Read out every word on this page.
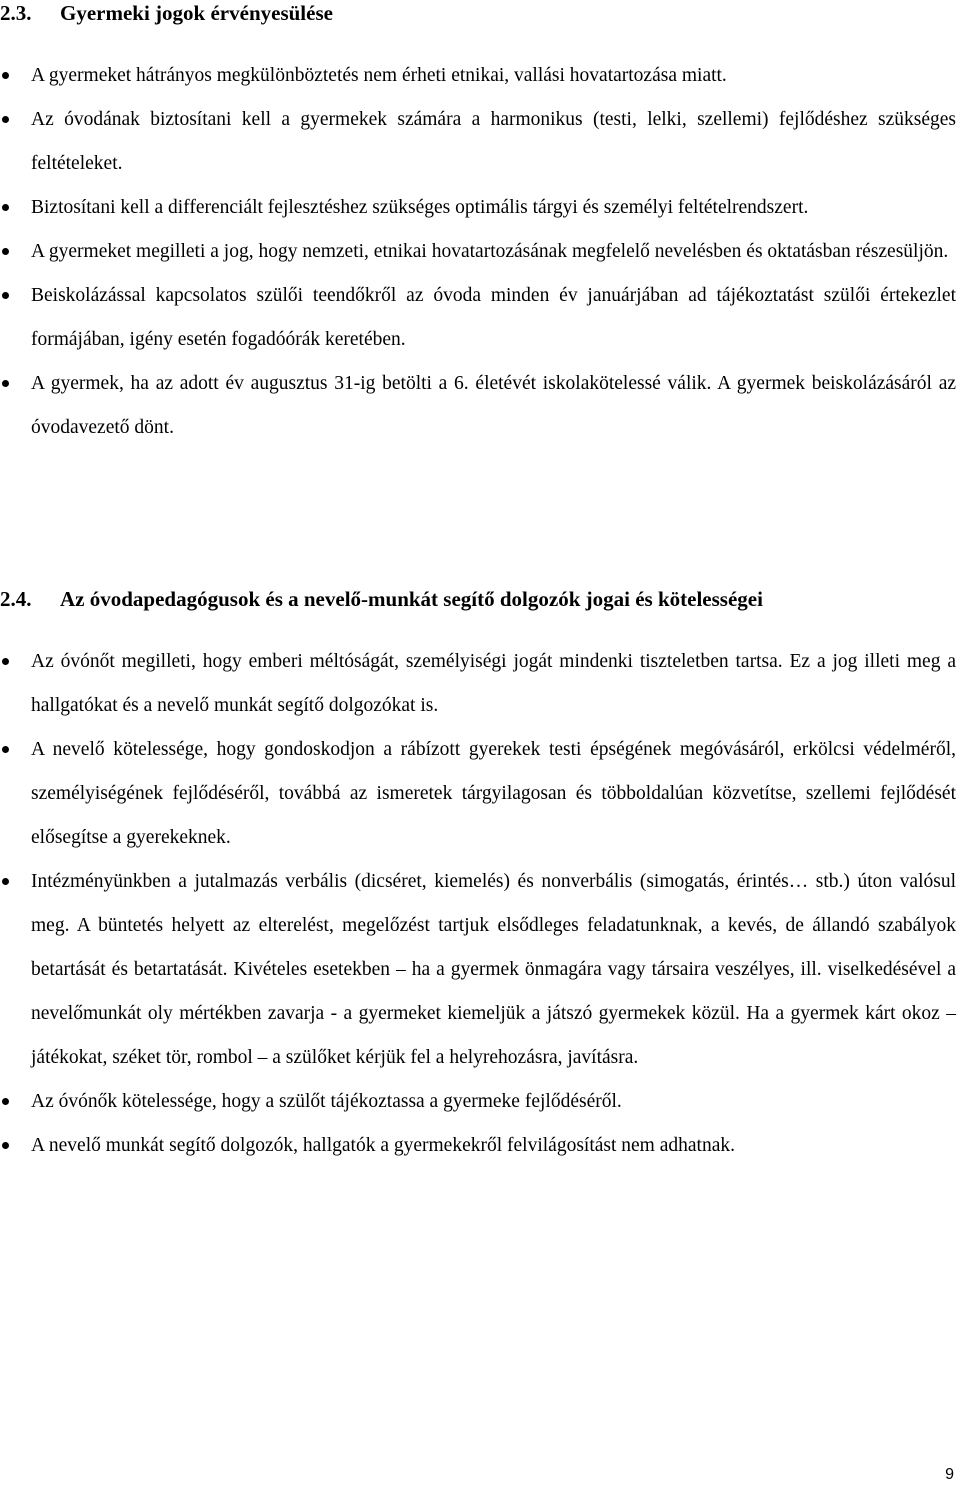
2.3. Gyermeki jogok érvényesülése
A gyermeket hátrányos megkülönböztetés nem érheti etnikai, vallási hovatartozása miatt.
Az óvodának biztosítani kell a gyermekek számára a harmonikus (testi, lelki, szellemi) fejlődéshez szükséges feltételeket.
Biztosítani kell a differenciált fejlesztéshez szükséges optimális tárgyi és személyi feltételrendszert.
A gyermeket megilleti a jog, hogy nemzeti, etnikai hovatartozásának megfelelő nevelésben és oktatásban részesüljön.
Beiskolázással kapcsolatos szülői teendőkről az óvoda minden év januárjában ad tájékoztatást szülői értekezlet formájában, igény esetén fogadóórák keretében.
A gyermek, ha az adott év augusztus 31-ig betölti a 6. életévét iskolakötelessé válik. A gyermek beiskolázásáról az óvodavezető dönt.
2.4. Az óvodapedagógusok és a nevelő-munkát segítő dolgozók jogai és kötelességei
Az óvónőt megilleti, hogy emberi méltóságát, személyiségi jogát mindenki tiszteletben tartsa. Ez a jog illeti meg a hallgatókat és a nevelő munkát segítő dolgozókat is.
A nevelő kötelessége, hogy gondoskodjon a rábízott gyerekek testi épségének megóvásáról, erkölcsi védelméről, személyiségének fejlődéséről, továbbá az ismeretek tárgyilagosan és többoldalúan közvetítse, szellemi fejlődését elősegítse a gyerekeknek.
Intézményünkben a jutalmazás verbális (dicséret, kiemelés) és nonverbális (simogatás, érintés… stb.) úton valósul meg. A büntetés helyett az elterelést, megelőzést tartjuk elsődleges feladatunknak, a kevés, de állandó szabályok betartását és betartatását. Kivételes esetekben – ha a gyermek önmagára vagy társaira veszélyes, ill. viselkedésével a nevelőmunkát oly mértékben zavarja - a gyermeket kiemeljük a játszó gyermekek közül. Ha a gyermek kárt okoz – játékokat, széket tör, rombol – a szülőket kérjük fel a helyrehozásra, javításra.
Az óvónők kötelessége, hogy a szülőt tájékoztassa a gyermeke fejlődéséről.
A nevelő munkát segítő dolgozók, hallgatók a gyermekekről felvilágosítást nem adhatnak.
9
